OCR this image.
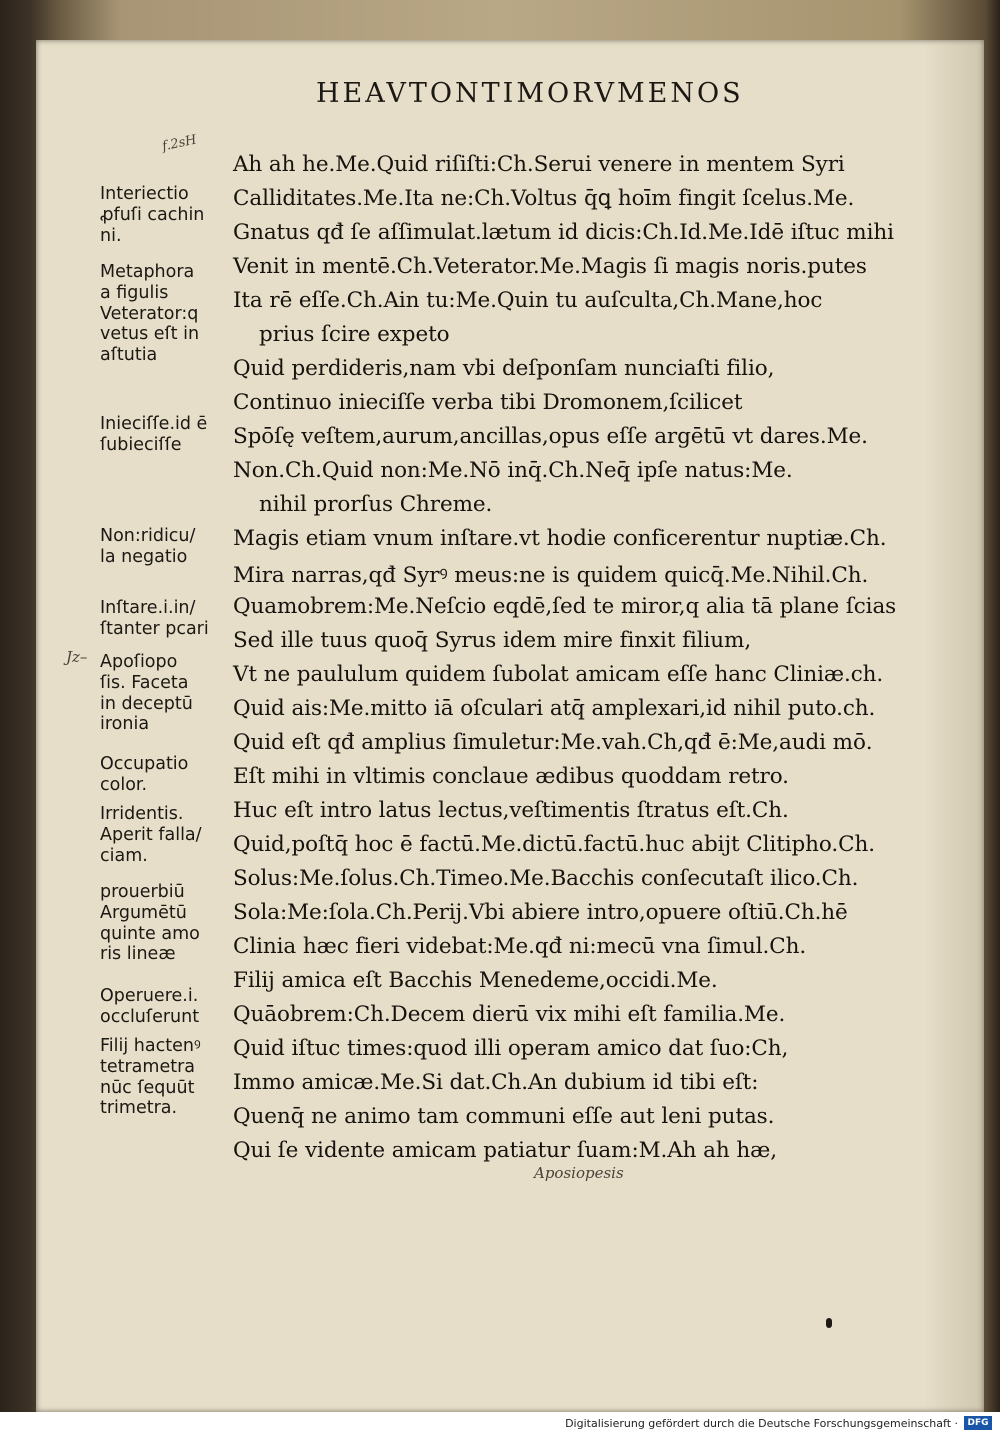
HEAVTONTIMORVMENOS
f.2sH
Jz–
Interiectio
ꝓfuſi cachin
ni.
Metaphora
a figulis
Veterator:q
vetus eſt in
aſtutia
Inieciſſe.id ē
ſubieciſſe
Non:ridicu/
la negatio
Inſtare.i.in/
ſtanter pcari
Apoſiopo
ſis. Faceta
in deceptū
ironia
Occupatio
color.
Irridentis.
Aperit falla/
ciam.
prouerbiū
Argumētū
quinte amo
ris lineæ
Operuere.i.
occluſerunt
Filij hactenꝰ
tetrametra
nūc ſequūt
trimetra.
Ah ah he.Me.Quid riſiſti:Ch.Serui venere in mentem Syri
Calliditates.Me.Ita ne:Ch.Voltus q̄ꝗ hoīm fingit ſcelus.Me.
Gnatus qđ ſe aſſimulat.lætum id dicis:Ch.Id.Me.Idē iſtuc mihi
Venit in mentē.Ch.Veterator.Me.Magis ſi magis noris.putes
Ita rē eſſe.Ch.Ain tu:Me.Quin tu auſculta,Ch.Mane,hoc
prius ſcire expeto
Quid perdideris,nam vbi deſponſam nunciaſti filio,
Continuo inieciſſe verba tibi Dromonem,ſcilicet
Spōſę veſtem,aurum,ancillas,opus eſſe argētū vt dares.Me.
Non.Ch.Quid non:Me.Nō inq̄.Ch.Neq̄ ipſe natus:Me.
nihil prorſus Chreme.
Magis etiam vnum inſtare.vt hodie conficerentur nuptiæ.Ch.
Mira narras,qđ Syrꝰ meus:ne is quidem quicq̄.Me.Nihil.Ch.
Quamobrem:Me.Neſcio eqdē,ſed te miror,q alia tā plane ſcias
Sed ille tuus quoq̄ Syrus idem mire finxit filium,
Vt ne paululum quidem ſubolat amicam eſſe hanc Cliniæ.ch.
Quid ais:Me.mitto iā oſculari atq̄ amplexari,id nihil puto.ch.
Quid eſt qđ amplius ſimuletur:Me.vah.Ch,qđ ē:Me,audi mō.
Eſt mihi in vltimis conclaue ædibus quoddam retro.
Huc eſt intro latus lectus,veſtimentis ſtratus eſt.Ch.
Quid,poſtq̄ hoc ē factū.Me.dictū.factū.huc abijt Clitipho.Ch.
Solus:Me.ſolus.Ch.Timeo.Me.Bacchis conſecutaſt ilico.Ch.
Sola:Me:ſola.Ch.Perij.Vbi abiere intro,opuere oſtiū.Ch.hē
Clinia hæc fieri videbat:Me.qđ ni:mecū vna ſimul.Ch.
Filij amica eſt Bacchis Menedeme,occidi.Me.
Quāobrem:Ch.Decem dierū vix mihi eſt familia.Me.
Quid iſtuc times:quod illi operam amico dat ſuo:Ch,
Immo amicæ.Me.Si dat.Ch.An dubium id tibi eſt:
Quenq̄ ne animo tam communi eſſe aut leni putas.
Qui ſe vidente amicam patiatur ſuam:M.Ah ah hæ,
Aposiopesis
Digitalisierung gefördert durch die Deutsche Forschungsgemeinschaft ·	DFG
